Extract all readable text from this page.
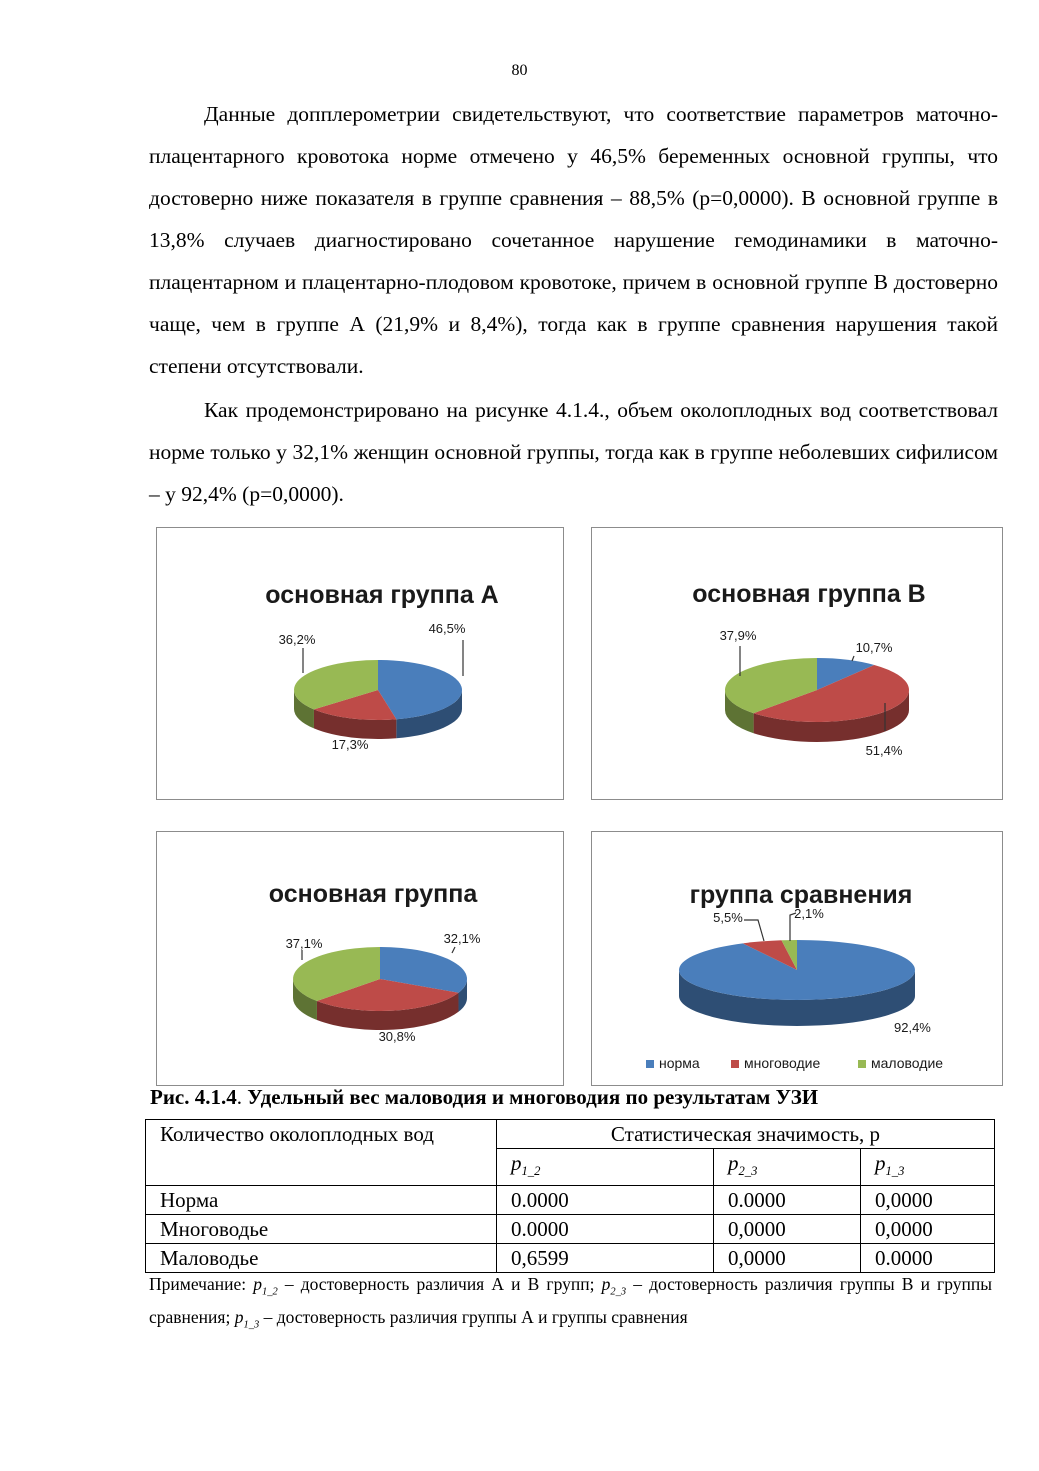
80

Данные допплерометрии свидетельствуют, что соответствие параметров маточно-плацентарного кровотока норме отмечено у 46,5% беременных основной группы, что достоверно ниже показателя в группе сравнения – 88,5% (p=0,0000). В основной группе в 13,8% случаев диагностировано сочетанное нарушение гемодинамики в маточно-плацентарном и плацентарно-плодовом кровотоке, причем в основной группе В достоверно чаще, чем в группе А (21,9% и 8,4%), тогда как в группе сравнения нарушения такой степени отсутствовали.

Как продемонстрировано на рисунке 4.1.4., объем околоплодных вод соответствовал норме только у 32,1% женщин основной группы, тогда как в группе неболевших сифилисом – у 92,4% (p=0,0000).

основная группа А
46,5%
17,3%
36,2%
основная группа В
10,7%
51,4%
37,9%
основная группа
32,1%
30,8%
37,1%
группа сравнения
92,4%
5,5%	2,1%
норма	многоводие	маловодие
Рис. 4.1.4. Удельный вес маловодия и многоводия по результатам УЗИ
Количество околоплодных вод	Статистическая значимость, р		
	$p_{1\_2}$	$p_{2\_3}$	$p_{1\_3}$
Норма	0.0000	0.0000	0,0000
Многоводье	0.0000	0,0000	0,0000
Маловодье	0,6599	0,0000	0.0000
Примечание: $p_{1\_2}$ – достоверность различия А и В групп; $p_{2\_3}$ – достоверность различия группы В и группы сравнения; $p_{1\_3}$ – достоверность различия группы А и группы сравнения
